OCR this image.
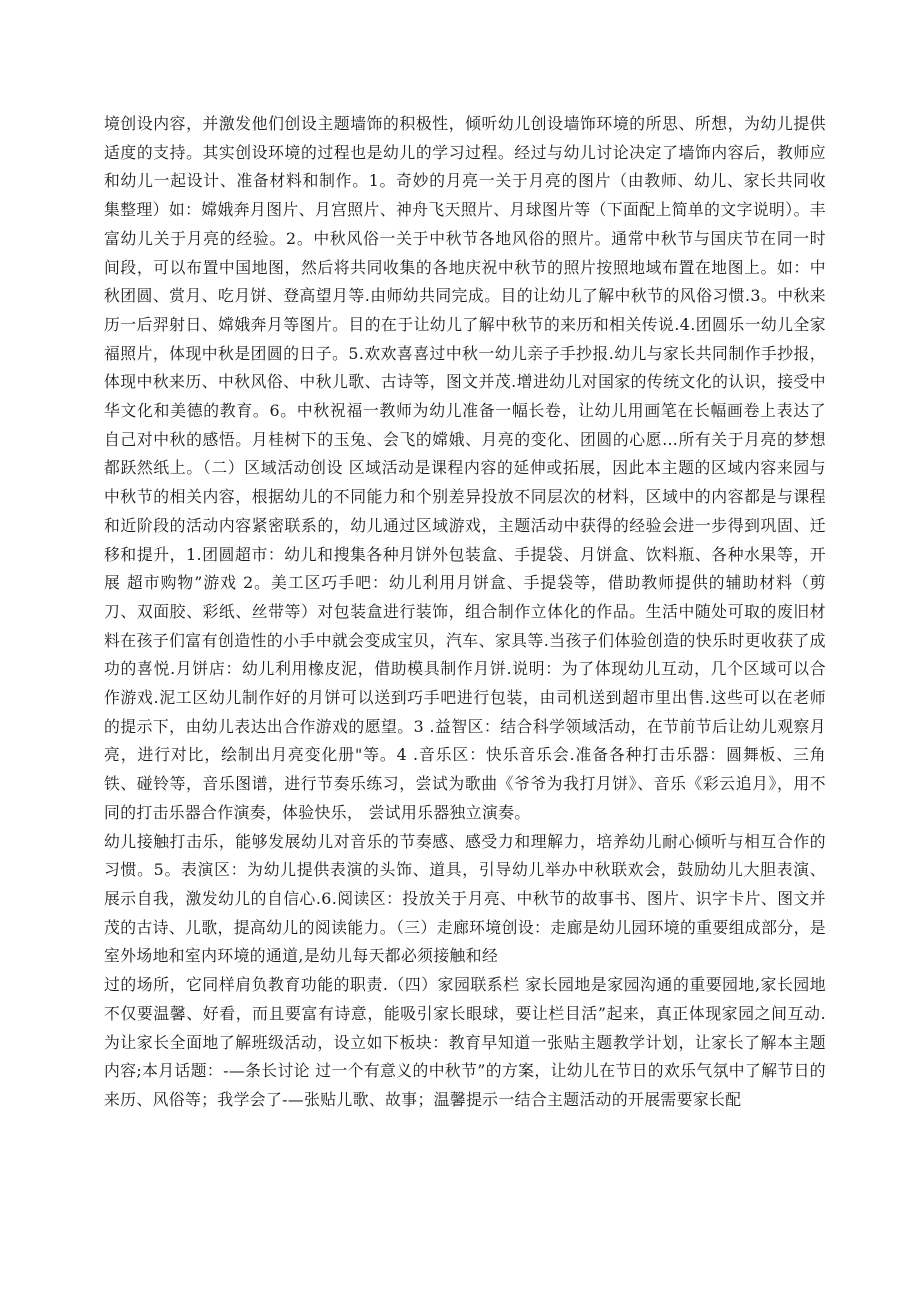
境创设内容，并激发他们创设主题墙饰的积极性，倾听幼儿创设墙饰环境的所思、所想，为幼儿提供适度的支持。其实创设环境的过程也是幼儿的学习过程。经过与幼儿讨论决定了墙饰内容后，教师应和幼儿一起设计、准备材料和制作。1。奇妙的月亮一关于月亮的图片（由教师、幼儿、家长共同收集整理）如：嫦娥奔月图片、月宫照片、神舟飞天照片、月球图片等（下面配上简单的文字说明）。丰富幼儿关于月亮的经验。2。中秋风俗一关于中秋节各地风俗的照片。通常中秋节与国庆节在同一时间段，可以布置中国地图，然后将共同收集的各地庆祝中秋节的照片按照地域布置在地图上。如：中秋团圆、赏月、吃月饼、登高望月等.由师幼共同完成。目的让幼儿了解中秋节的风俗习惯.3。中秋来历一后羿射日、嫦娥奔月等图片。目的在于让幼儿了解中秋节的来历和相关传说.4.团圆乐一幼儿全家福照片，体现中秋是团圆的日子。5.欢欢喜喜过中秋一幼儿亲子手抄报.幼儿与家长共同制作手抄报，体现中秋来历、中秋风俗、中秋儿歌、古诗等，图文并茂.增进幼儿对国家的传统文化的认识，接受中华文化和美德的教育。6。中秋祝福一教师为幼儿准备一幅长卷，让幼儿用画笔在长幅画卷上表达了自己对中秋的感悟。月桂树下的玉兔、会飞的嫦娥、月亮的变化、团圆的心愿…所有关于月亮的梦想都跃然纸上。（二）区域活动创设 区域活动是课程内容的延伸或拓展，因此本主题的区域内容来园与中秋节的相关内容，根据幼儿的不同能力和个别差异投放不同层次的材料，区域中的内容都是与课程和近阶段的活动内容紧密联系的，幼儿通过区域游戏，主题活动中获得的经验会进一步得到巩固、迁移和提升，1.团圆超市：幼儿和搜集各种月饼外包装盒、手提袋、月饼盒、饮料瓶、各种水果等，开展 超市购物”游戏 2。美工区巧手吧：幼儿利用月饼盒、手提袋等，借助教师提供的辅助材料（剪刀、双面胶、彩纸、丝带等）对包装盒进行装饰，组合制作立体化的作品。生活中随处可取的废旧材料在孩子们富有创造性的小手中就会变成宝贝，汽车、家具等.当孩子们体验创造的快乐时更收获了成功的喜悦.月饼店：幼儿利用橡皮泥，借助模具制作月饼.说明：为了体现幼儿互动，几个区域可以合作游戏.泥工区幼儿制作好的月饼可以送到巧手吧进行包装，由司机送到超市里出售.这些可以在老师的提示下，由幼儿表达出合作游戏的愿望。3 .益智区：结合科学领域活动，在节前节后让幼儿观察月亮，进行对比，绘制出月亮变化册"等。4 .音乐区：快乐音乐会.准备各种打击乐器：圆舞板、三角铁、碰铃等，音乐图谱，进行节奏乐练习，尝试为歌曲《爷爷为我打月饼》、音乐《彩云追月》，用不同的打击乐器合作演奏，体验快乐， 尝试用乐器独立演奏。

幼儿接触打击乐，能够发展幼儿对音乐的节奏感、感受力和理解力，培养幼儿耐心倾听与相互合作的习惯。5。表演区：为幼儿提供表演的头饰、道具，引导幼儿举办中秋联欢会，鼓励幼儿大胆表演、展示自我，激发幼儿的自信心.6.阅读区：投放关于月亮、中秋节的故事书、图片、识字卡片、图文并茂的古诗、儿歌，提高幼儿的阅读能力。（三）走廊环境创设：走廊是幼儿园环境的重要组成部分，是室外场地和室内环境的通道,是幼儿每天都必须接触和经

过的场所，它同样肩负教育功能的职责.（四）家园联系栏 家长园地是家园沟通的重要园地,家长园地不仅要温馨、好看，而且要富有诗意，能吸引家长眼球，要让栏目活”起来，真正体现家园之间互动.为让家长全面地了解班级活动，设立如下板块：教育早知道一张贴主题教学计划，让家长了解本主题内容;本月话题：-—条长讨论 过一个有意义的中秋节”的方案，让幼儿在节日的欢乐气氛中了解节日的来历、风俗等；我学会了-—张贴儿歌、故事；温馨提示一结合主题活动的开展需要家长配
